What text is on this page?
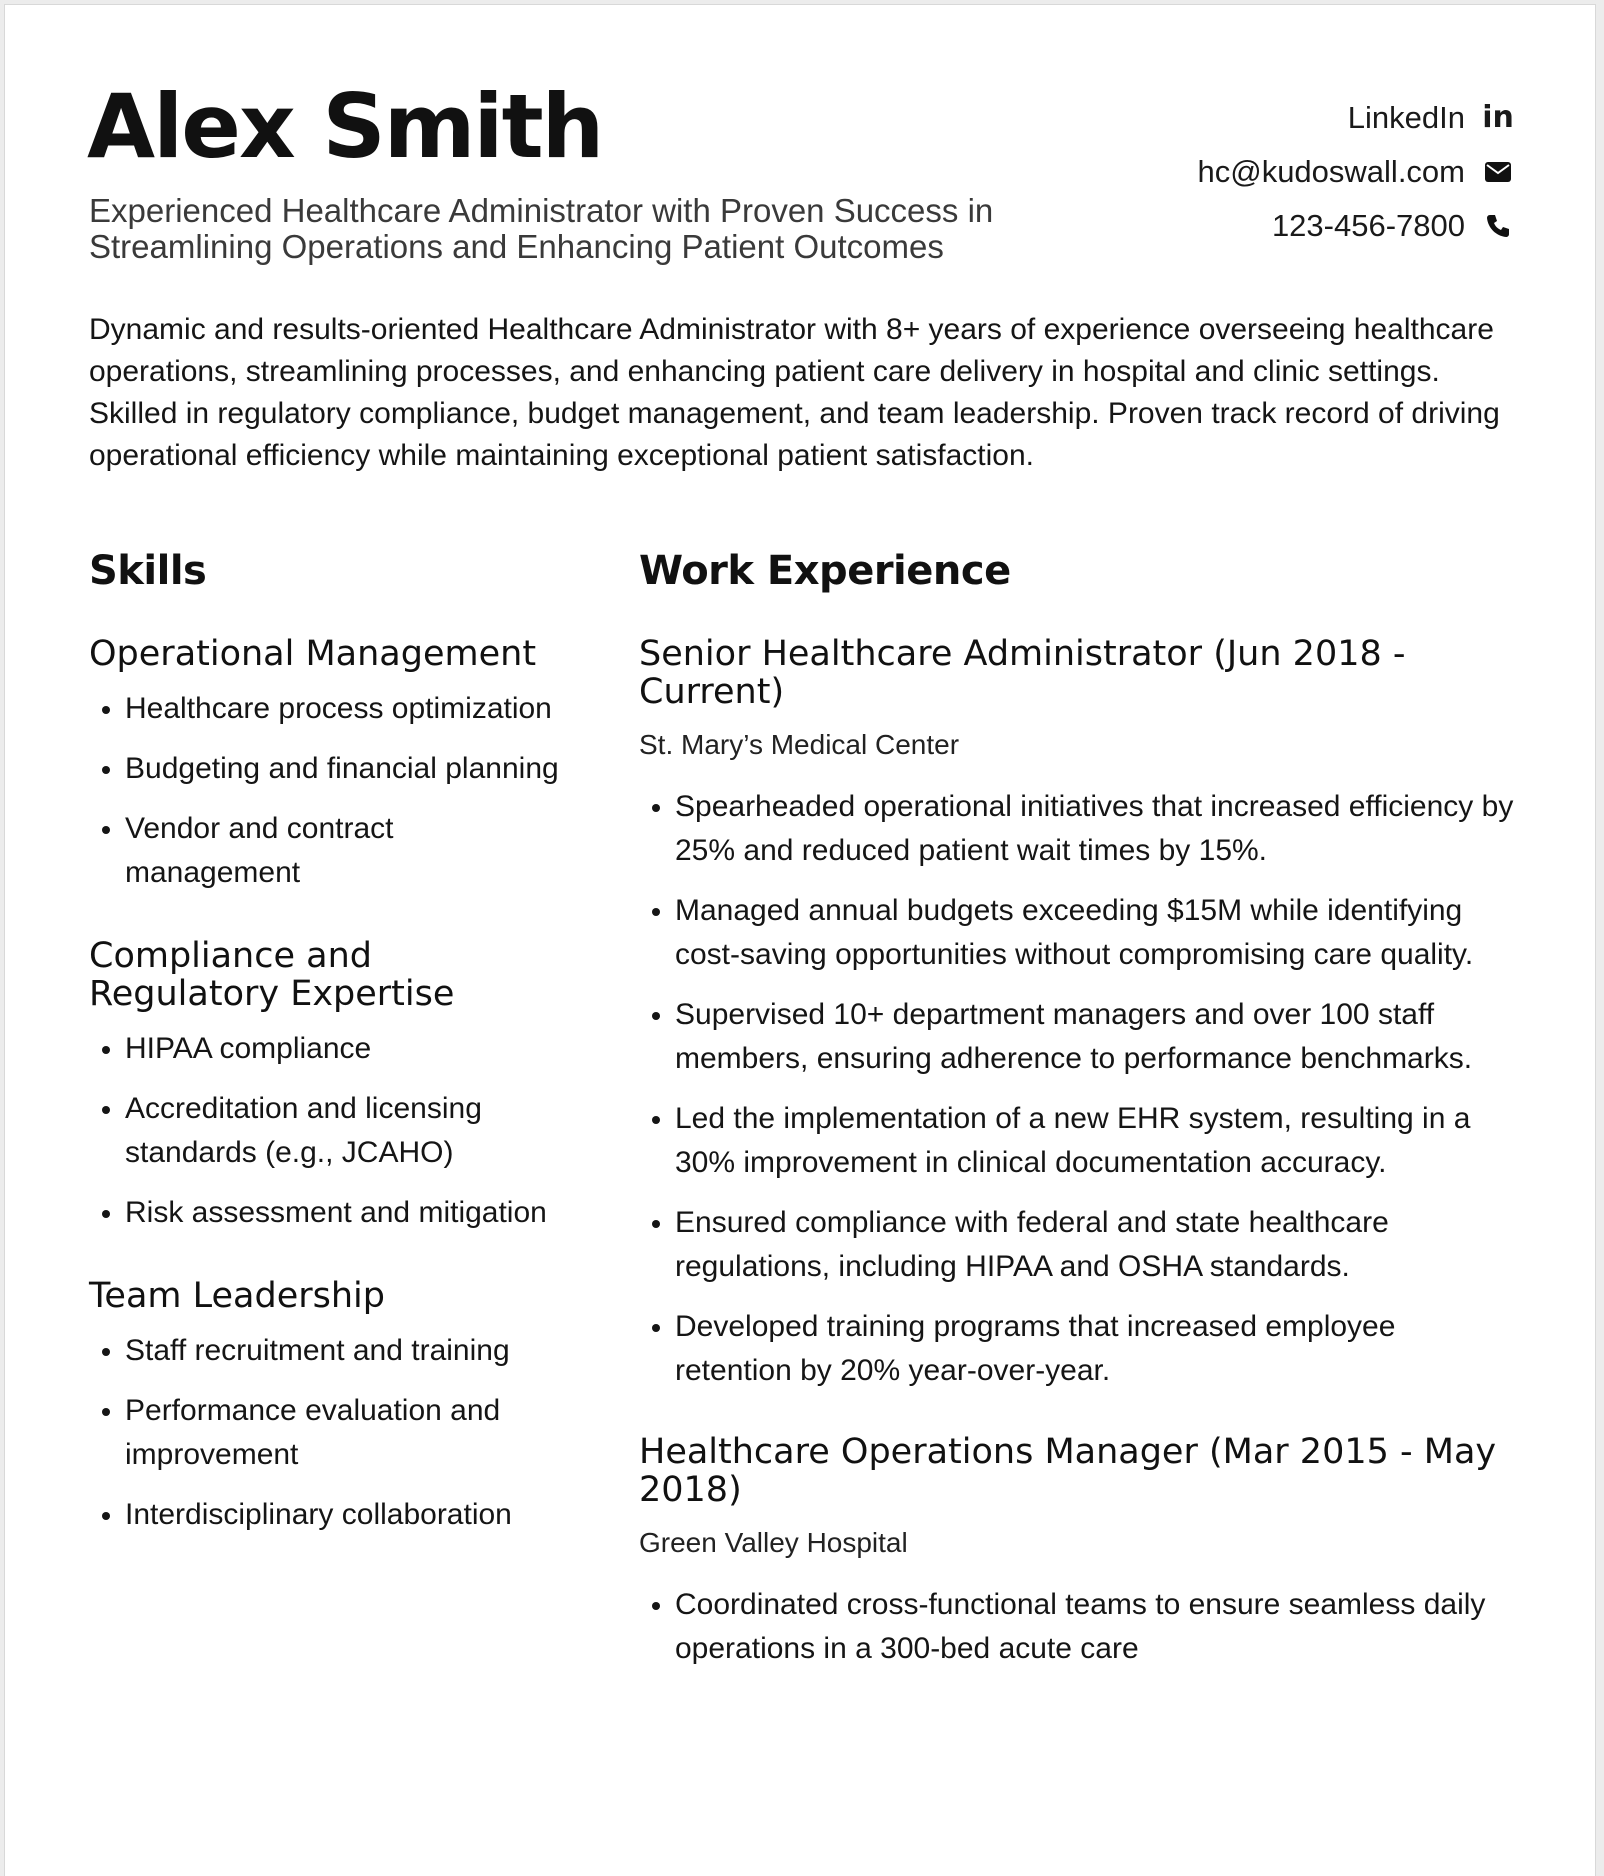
Alex Smith

Experienced Healthcare Administrator with Proven Success in Streamlining Operations and Enhancing Patient Outcomes

LinkedIn in
hc@kudoswall.com
123-456-7800

Dynamic and results-oriented Healthcare Administrator with 8+ years of experience overseeing healthcare operations, streamlining processes, and enhancing patient care delivery in hospital and clinic settings. Skilled in regulatory compliance, budget management, and team leadership. Proven track record of driving operational efficiency while maintaining exceptional patient satisfaction.

Skills
Operational Management
• Healthcare process optimization
• Budgeting and financial planning
• Vendor and contract management
Compliance and Regulatory Expertise
• HIPAA compliance
• Accreditation and licensing standards (e.g., JCAHO)
• Risk assessment and mitigation
Team Leadership
• Staff recruitment and training
• Performance evaluation and improvement
• Interdisciplinary collaboration
Work Experience
Senior Healthcare Administrator (Jun 2018 - Current)

St. Mary’s Medical Center

• Spearheaded operational initiatives that increased efficiency by 25% and reduced patient wait times by 15%.
• Managed annual budgets exceeding $15M while identifying cost-saving opportunities without compromising care quality.
• Supervised 10+ department managers and over 100 staff members, ensuring adherence to performance benchmarks.
• Led the implementation of a new EHR system, resulting in a 30% improvement in clinical documentation accuracy.
• Ensured compliance with federal and state healthcare regulations, including HIPAA and OSHA standards.
• Developed training programs that increased employee retention by 20% year-over-year.
Healthcare Operations Manager (Mar 2015 - May 2018)

Green Valley Hospital

• Coordinated cross-functional teams to ensure seamless daily operations in a 300-bed acute care
